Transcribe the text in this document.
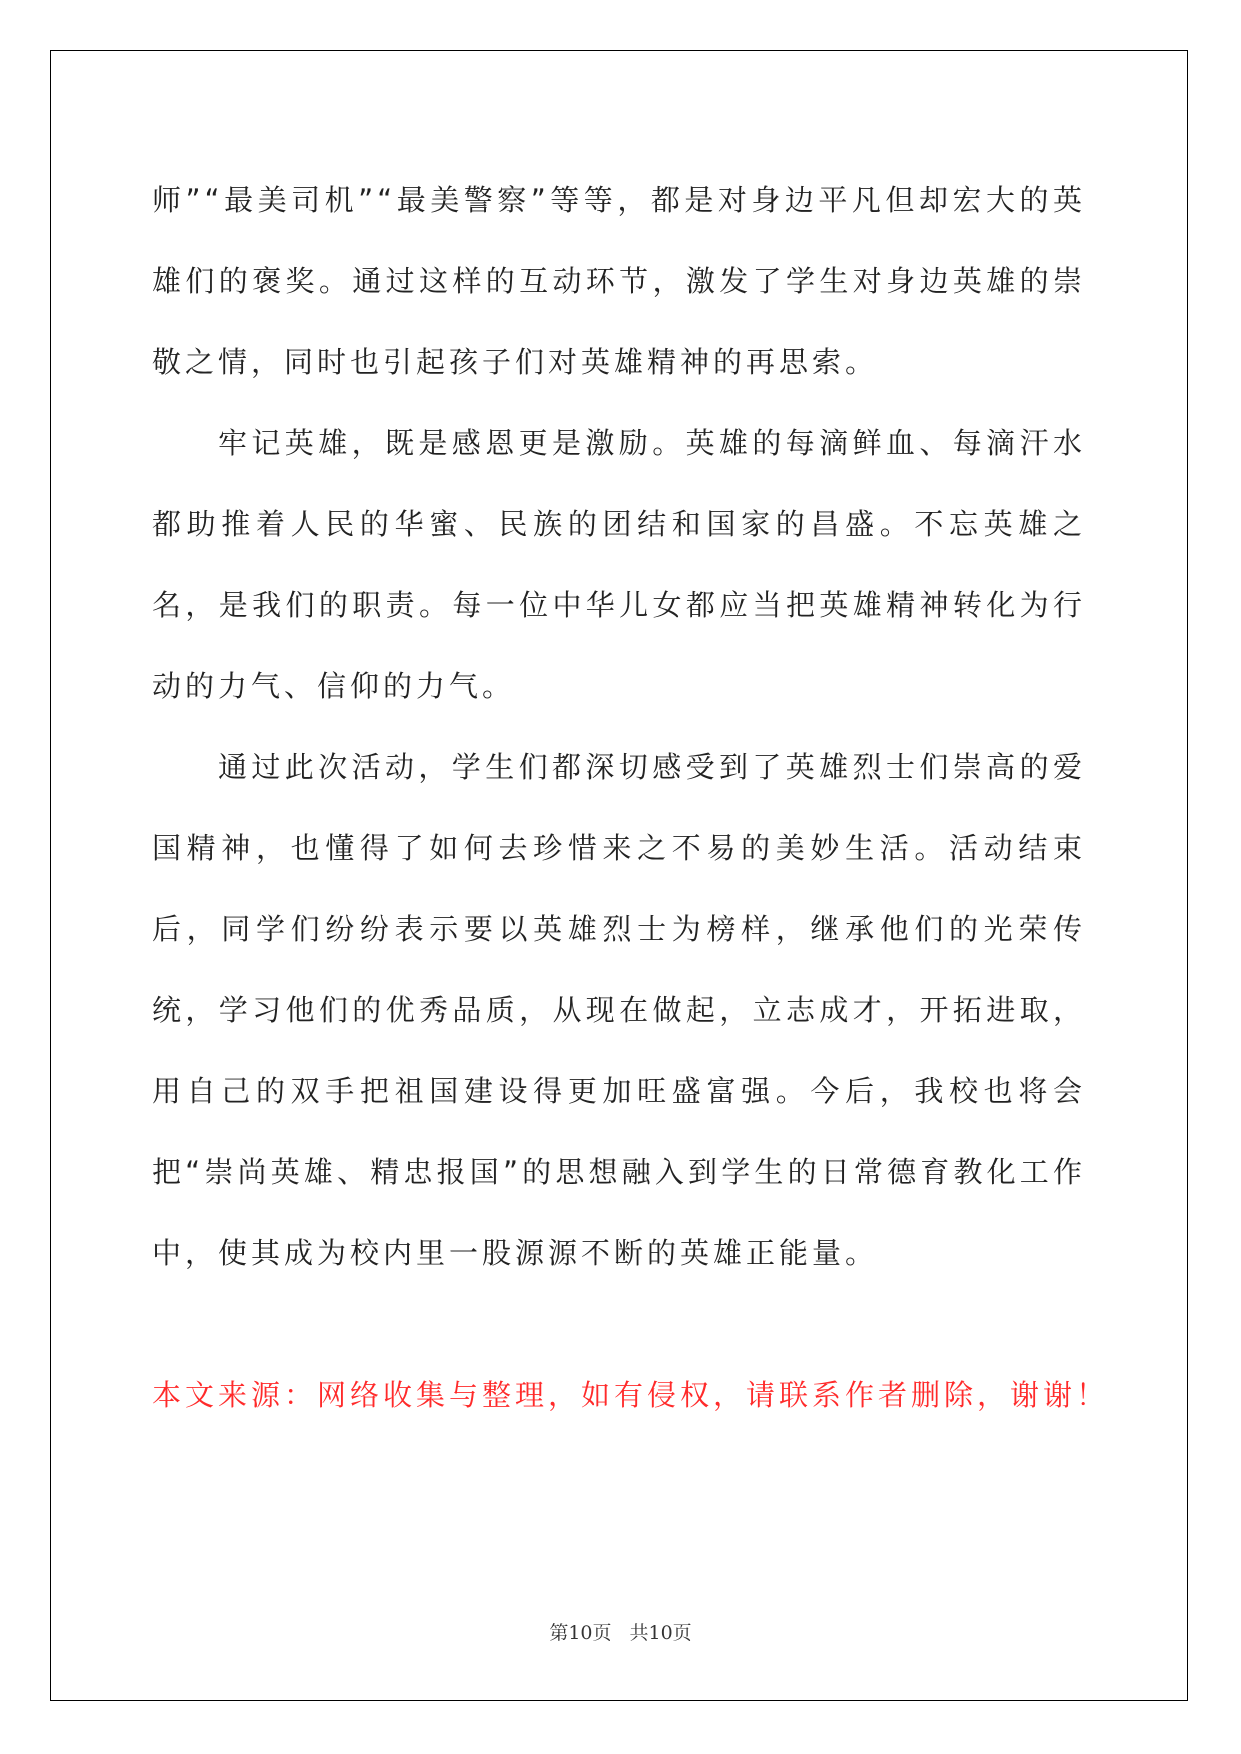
师”“最美司机”“最美警察”等等，都是对身边平凡但却宏大的英雄们的褒奖。通过这样的互动环节，激发了学生对身边英雄的崇敬之情，同时也引起孩子们对英雄精神的再思索。

牢记英雄，既是感恩更是激励。英雄的每滴鲜血、每滴汗水都助推着人民的华蜜、民族的团结和国家的昌盛。不忘英雄之名，是我们的职责。每一位中华儿女都应当把英雄精神转化为行动的力气、信仰的力气。

通过此次活动，学生们都深切感受到了英雄烈士们崇高的爱国精神，也懂得了如何去珍惜来之不易的美妙生活。活动结束后，同学们纷纷表示要以英雄烈士为榜样，继承他们的光荣传统，学习他们的优秀品质，从现在做起，立志成才，开拓进取，用自己的双手把祖国建设得更加旺盛富强。今后，我校也将会把“崇尚英雄、精忠报国”的思想融入到学生的日常德育教化工作中，使其成为校内里一股源源不断的英雄正能量。

本文来源：网络收集与整理，如有侵权，请联系作者删除，谢谢！
第10页 共10页
